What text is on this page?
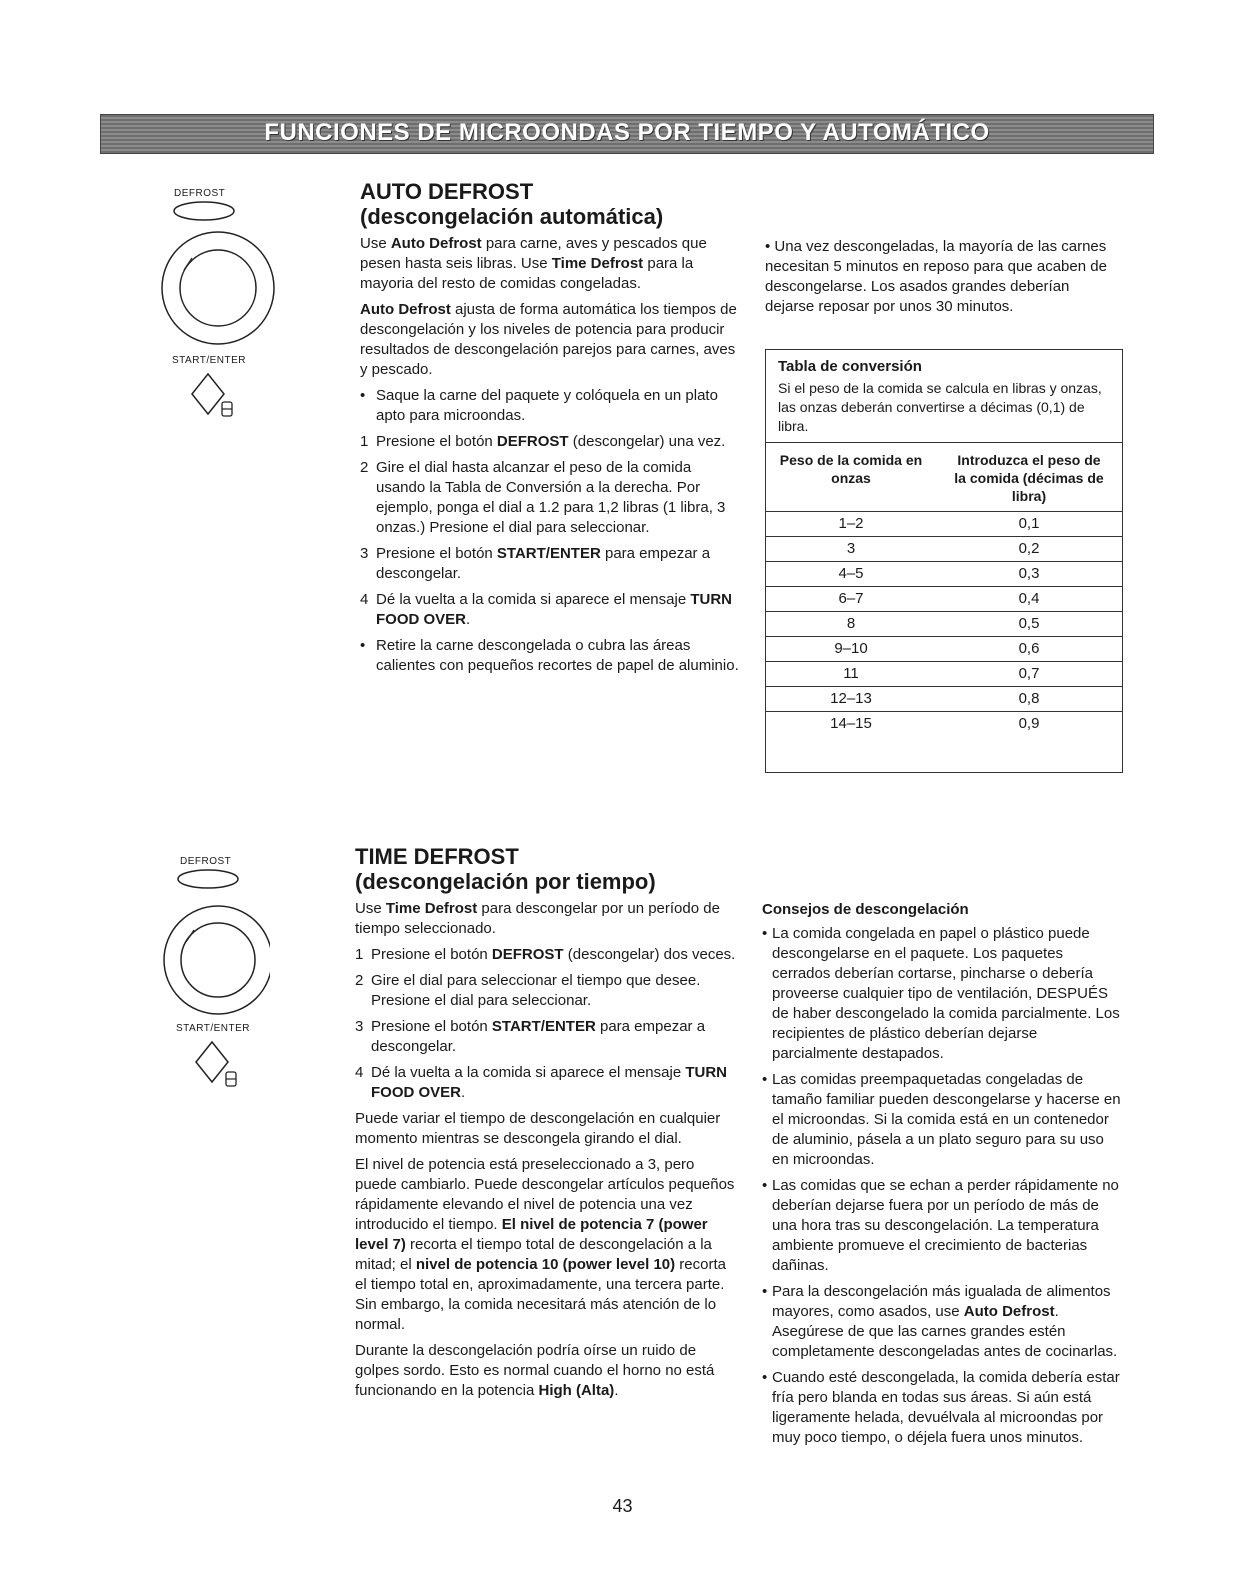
FUNCIONES DE MICROONDAS POR TIEMPO Y AUTOMÁTICO
DEFROST

START/ENTER
AUTO DEFROST
(descongelación automática)

Use Auto Defrost para carne, aves y pescados que pesen hasta seis libras. Use Time Defrost para la mayoria del resto de comidas congeladas.

Auto Defrost ajusta de forma automática los tiempos de descongelación y los niveles de potencia para producir resultados de descongelación parejos para carnes, aves y pescado.

• Saque la carne del paquete y colóquela en un plato apto para microondas.
1 Presione el botón DEFROST (descongelar) una vez.
2 Gire el dial hasta alcanzar el peso de la comida usando la Tabla de Conversión a la derecha. Por ejemplo, ponga el dial a 1.2 para 1,2 libras (1 libra, 3 onzas.) Presione el dial para seleccionar.
3 Presione el botón START/ENTER para empezar a descongelar.
4 Dé la vuelta a la comida si aparece el mensaje TURN FOOD OVER.
• Retire la carne descongelada o cubra las áreas calientes con pequeños recortes de papel de aluminio.
• Una vez descongeladas, la mayoría de las carnes necesitan 5 minutos en reposo para que acaben de descongelarse. Los asados grandes deberían dejarse reposar por unos 30 minutos.
Tabla de conversión
Si el peso de la comida se calcula en libras y onzas, las onzas deberán convertirse a décimas (0,1) de libra.
Peso de la comida en onzas
Introduzca el peso de la comida (décimas de libra)
1–2	0,1
3	0,2
4–5	0,3
6–7	0,4
8	0,5
9–10	0,6
11	0,7
12–13	0,8
14–15	0,9
DEFROST

START/ENTER
TIME DEFROST
(descongelación por tiempo)

Use Time Defrost para descongelar por un período de tiempo seleccionado.

1 Presione el botón DEFROST (descongelar) dos veces.
2 Gire el dial para seleccionar el tiempo que desee. Presione el dial para seleccionar.
3 Presione el botón START/ENTER para empezar a descongelar.
4 Dé la vuelta a la comida si aparece el mensaje TURN FOOD OVER.

Puede variar el tiempo de descongelación en cualquier momento mientras se descongela girando el dial.

El nivel de potencia está preseleccionado a 3, pero puede cambiarlo. Puede descongelar artículos pequeños rápidamente elevando el nivel de potencia una vez introducido el tiempo. El nivel de potencia 7 (power level 7) recorta el tiempo total de descongelación a la mitad; el nivel de potencia 10 (power level 10) recorta el tiempo total en, aproximadamente, una tercera parte. Sin embargo, la comida necesitará más atención de lo normal.

Durante la descongelación podría oírse un ruido de golpes sordo. Esto es normal cuando el horno no está funcionando en la potencia High (Alta).

Consejos de descongelación
• La comida congelada en papel o plástico puede descongelarse en el paquete. Los paquetes cerrados deberían cortarse, pincharse o debería proveerse cualquier tipo de ventilación, DESPUÉS de haber descongelado la comida parcialmente. Los recipientes de plástico deberían dejarse parcialmente destapados.
• Las comidas preempaquetadas congeladas de tamaño familiar pueden descongelarse y hacerse en el microondas. Si la comida está en un contenedor de aluminio, pásela a un plato seguro para su uso en microondas.
• Las comidas que se echan a perder rápidamente no deberían dejarse fuera por un período de más de una hora tras su descongelación. La temperatura ambiente promueve el crecimiento de bacterias dañinas.
• Para la descongelación más igualada de alimentos mayores, como asados, use Auto Defrost. Asegúrese de que las carnes grandes estén completamente descongeladas antes de cocinarlas.
• Cuando esté descongelada, la comida debería estar fría pero blanda en todas sus áreas. Si aún está ligeramente helada, devuélvala al microondas por muy poco tiempo, o déjela fuera unos minutos.
43
